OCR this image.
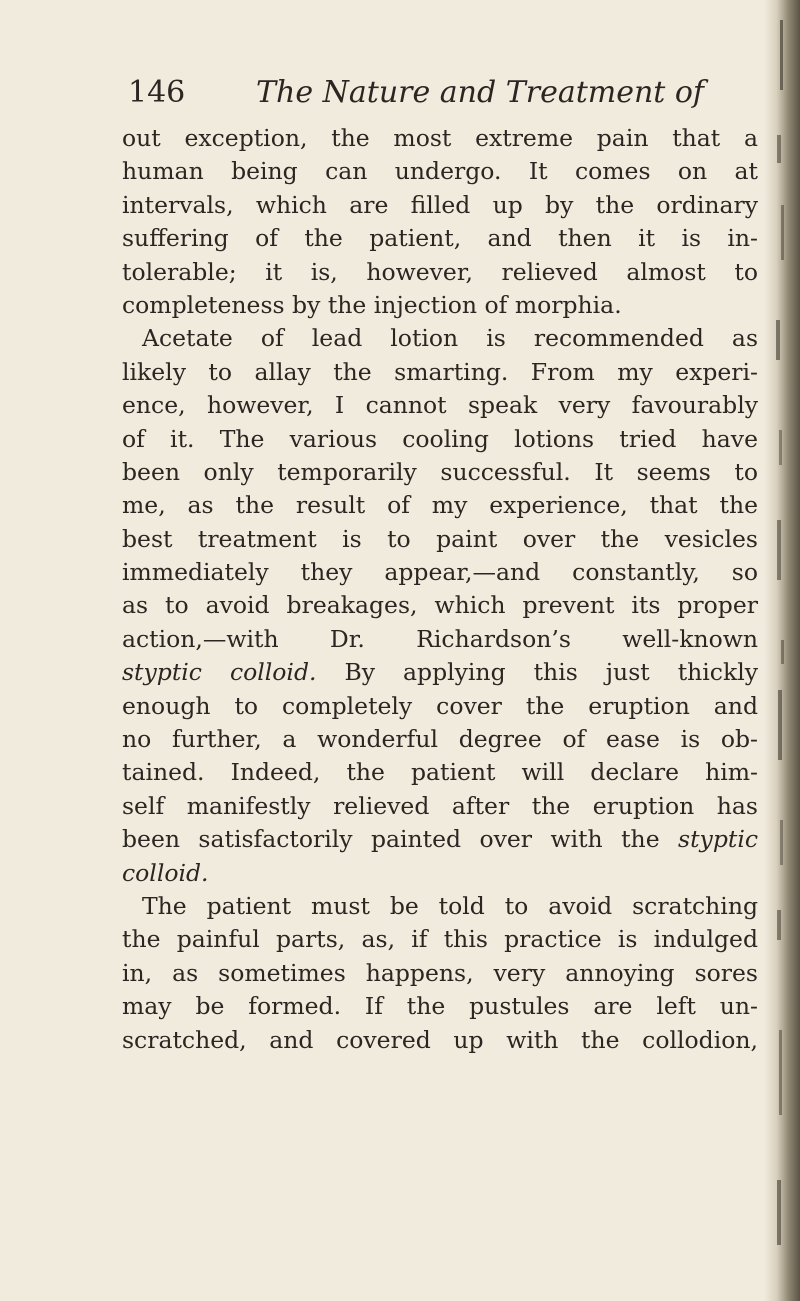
146 The Nature and Treatment of
out exception, the most extreme pain that a
human being can undergo. It comes on at
intervals, which are filled up by the ordinary
suffering of the patient, and then it is in-
tolerable; it is, however, relieved almost to
completeness by the injection of morphia.
Acetate of lead lotion is recommended as
likely to allay the smarting. From my experi-
ence, however, I cannot speak very favourably
of it. The various cooling lotions tried have
been only temporarily successful. It seems to
me, as the result of my experience, that the
best treatment is to paint over the vesicles
immediately they appear,—and constantly, so
as to avoid breakages, which prevent its proper
action,—with Dr. Richardson’s well-known
styptic colloid. By applying this just thickly
enough to completely cover the eruption and
no further, a wonderful degree of ease is ob-
tained. Indeed, the patient will declare him-
self manifestly relieved after the eruption has
been satisfactorily painted over with the styptic
colloid.
The patient must be told to avoid scratching
the painful parts, as, if this practice is indulged
in, as sometimes happens, very annoying sores
may be formed. If the pustules are left un-
scratched, and covered up with the collodion,
